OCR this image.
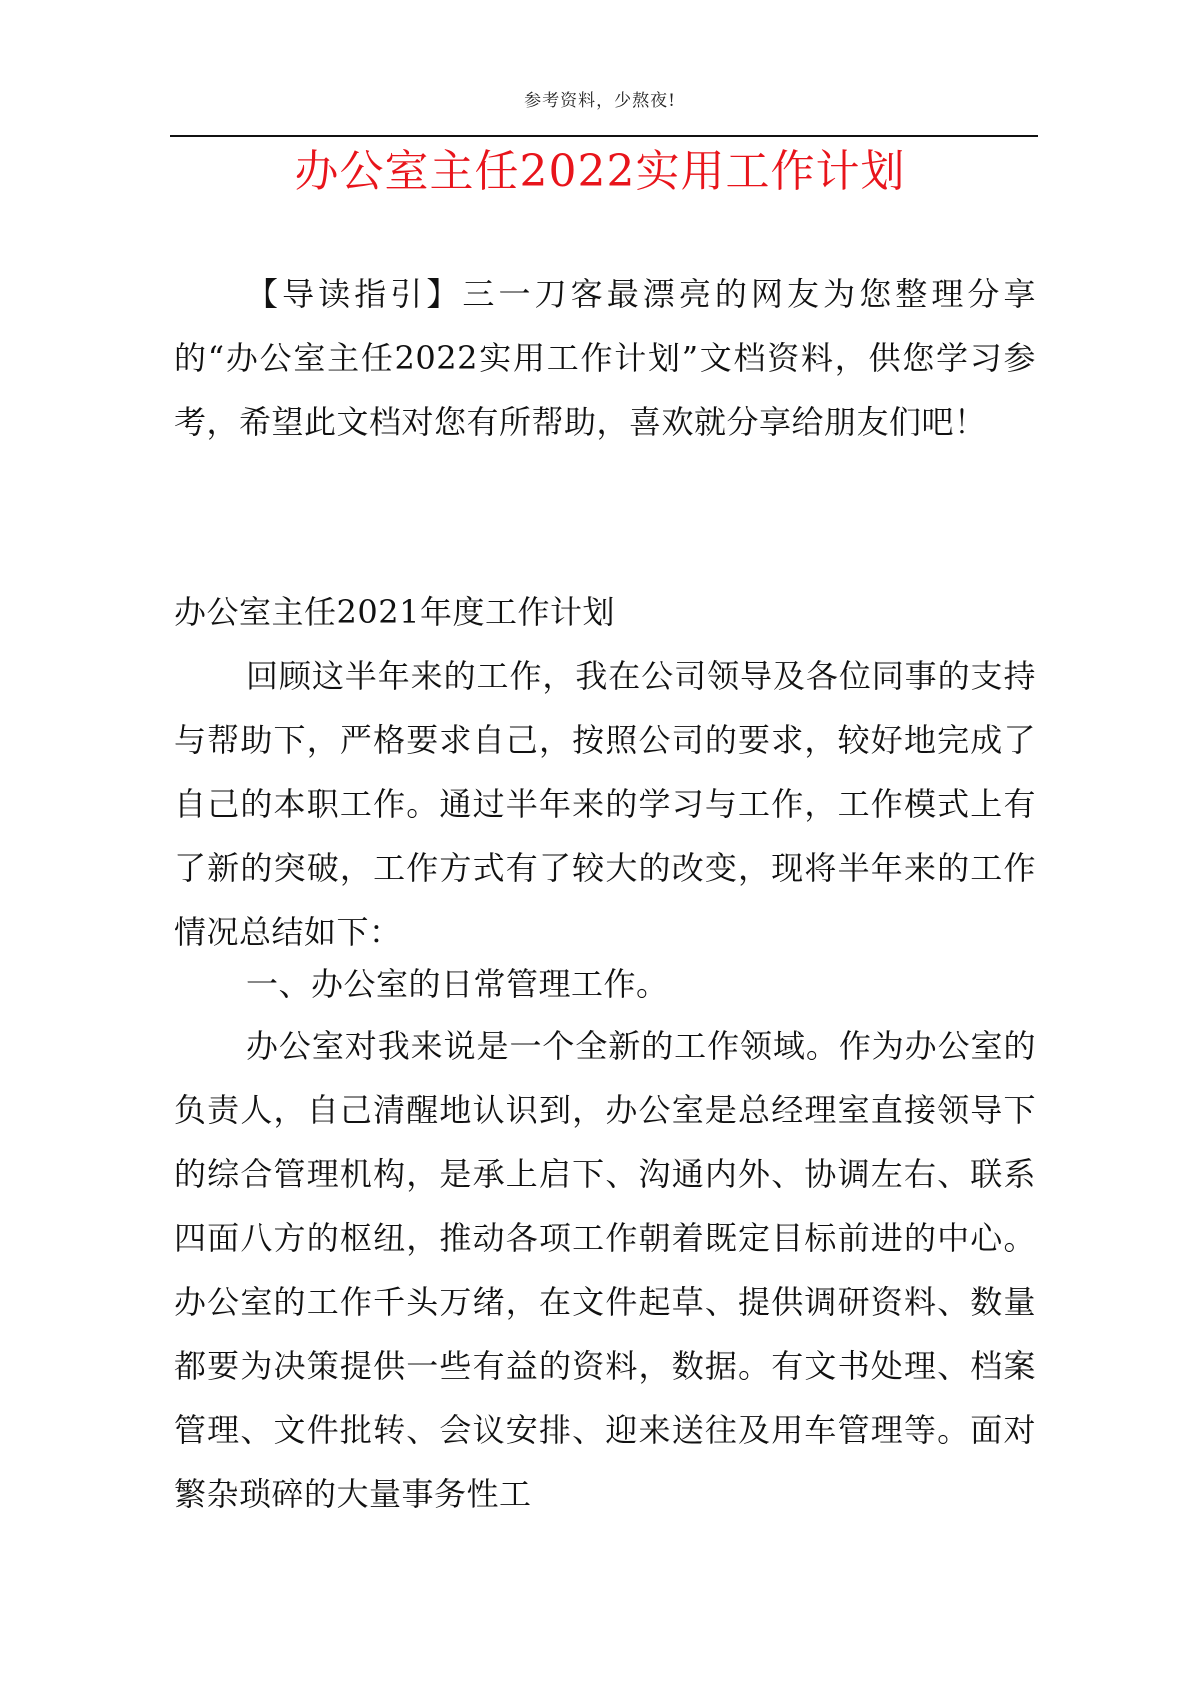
参考资料，少熬夜!
办公室主任2022实用工作计划

【导读指引】三一刀客最漂亮的网友为您整理分享的“办公室主任2022实用工作计划”文档资料，供您学习参考，希望此文档对您有所帮助，喜欢就分享给朋友们吧！

办公室主任2021年度工作计划

回顾这半年来的工作，我在公司领导及各位同事的支持与帮助下，严格要求自己，按照公司的要求，较好地完成了自己的本职工作。通过半年来的学习与工作，工作模式上有了新的突破，工作方式有了较大的改变，现将半年来的工作情况总结如下：

一、办公室的日常管理工作。

办公室对我来说是一个全新的工作领域。作为办公室的负责人，自己清醒地认识到，办公室是总经理室直接领导下的综合管理机构，是承上启下、沟通内外、协调左右、联系四面八方的枢纽，推动各项工作朝着既定目标前进的中心。办公室的工作千头万绪，在文件起草、提供调研资料、数量都要为决策提供一些有益的资料，数据。有文书处理、档案管理、文件批转、会议安排、迎来送往及用车管理等。面对繁杂琐碎的大量事务性工
